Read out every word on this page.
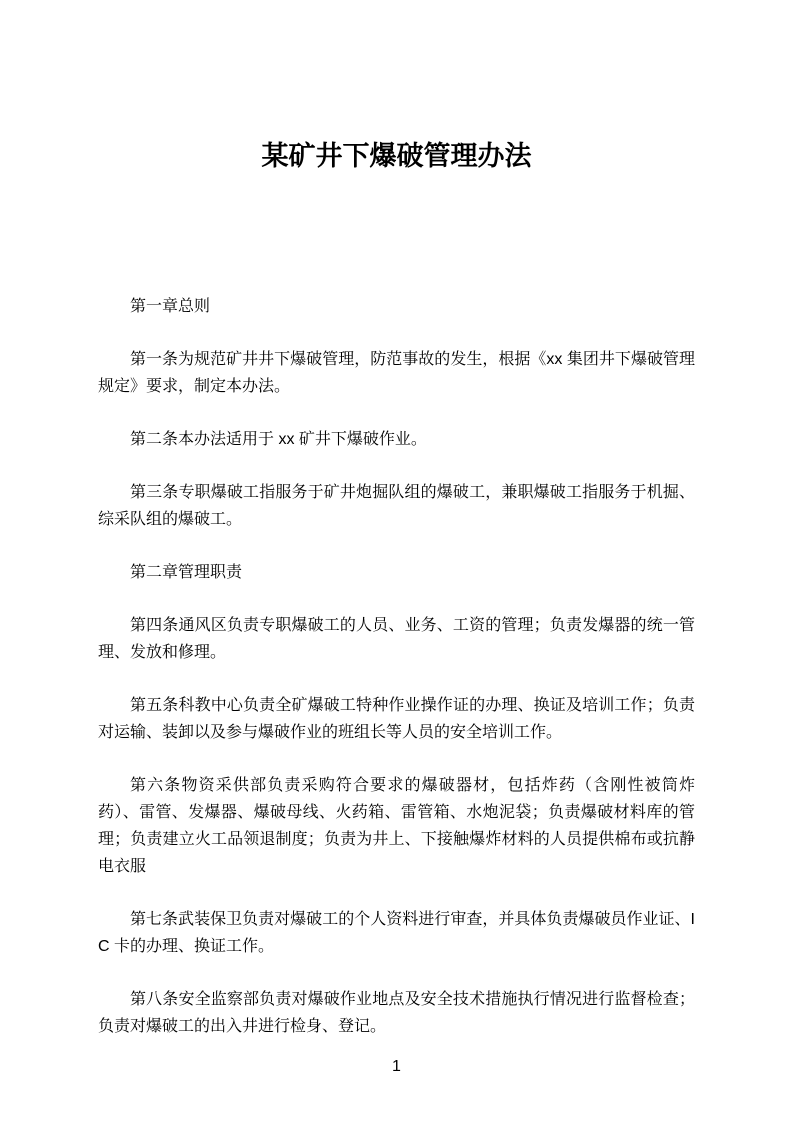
某矿井下爆破管理办法

第一章总则

第一条为规范矿井井下爆破管理，防范事故的发生，根据《xx 集团井下爆破管理规定》要求，制定本办法。

第二条本办法适用于 xx 矿井下爆破作业。

第三条专职爆破工指服务于矿井炮掘队组的爆破工，兼职爆破工指服务于机掘、综采队组的爆破工。

第二章管理职责

第四条通风区负责专职爆破工的人员、业务、工资的管理；负责发爆器的统一管理、发放和修理。

第五条科教中心负责全矿爆破工特种作业操作证的办理、换证及培训工作；负责对运输、装卸以及参与爆破作业的班组长等人员的安全培训工作。

第六条物资采供部负责采购符合要求的爆破器材，包括炸药（含刚性被筒炸药）、雷管、发爆器、爆破母线、火药箱、雷管箱、水炮泥袋；负责爆破材料库的管理；负责建立火工品领退制度；负责为井上、下接触爆炸材料的人员提供棉布或抗静电衣服

第七条武装保卫负责对爆破工的个人资料进行审查，并具体负责爆破员作业证、IC 卡的办理、换证工作。

第八条安全监察部负责对爆破作业地点及安全技术措施执行情况进行监督检查；负责对爆破工的出入井进行检身、登记。

1
